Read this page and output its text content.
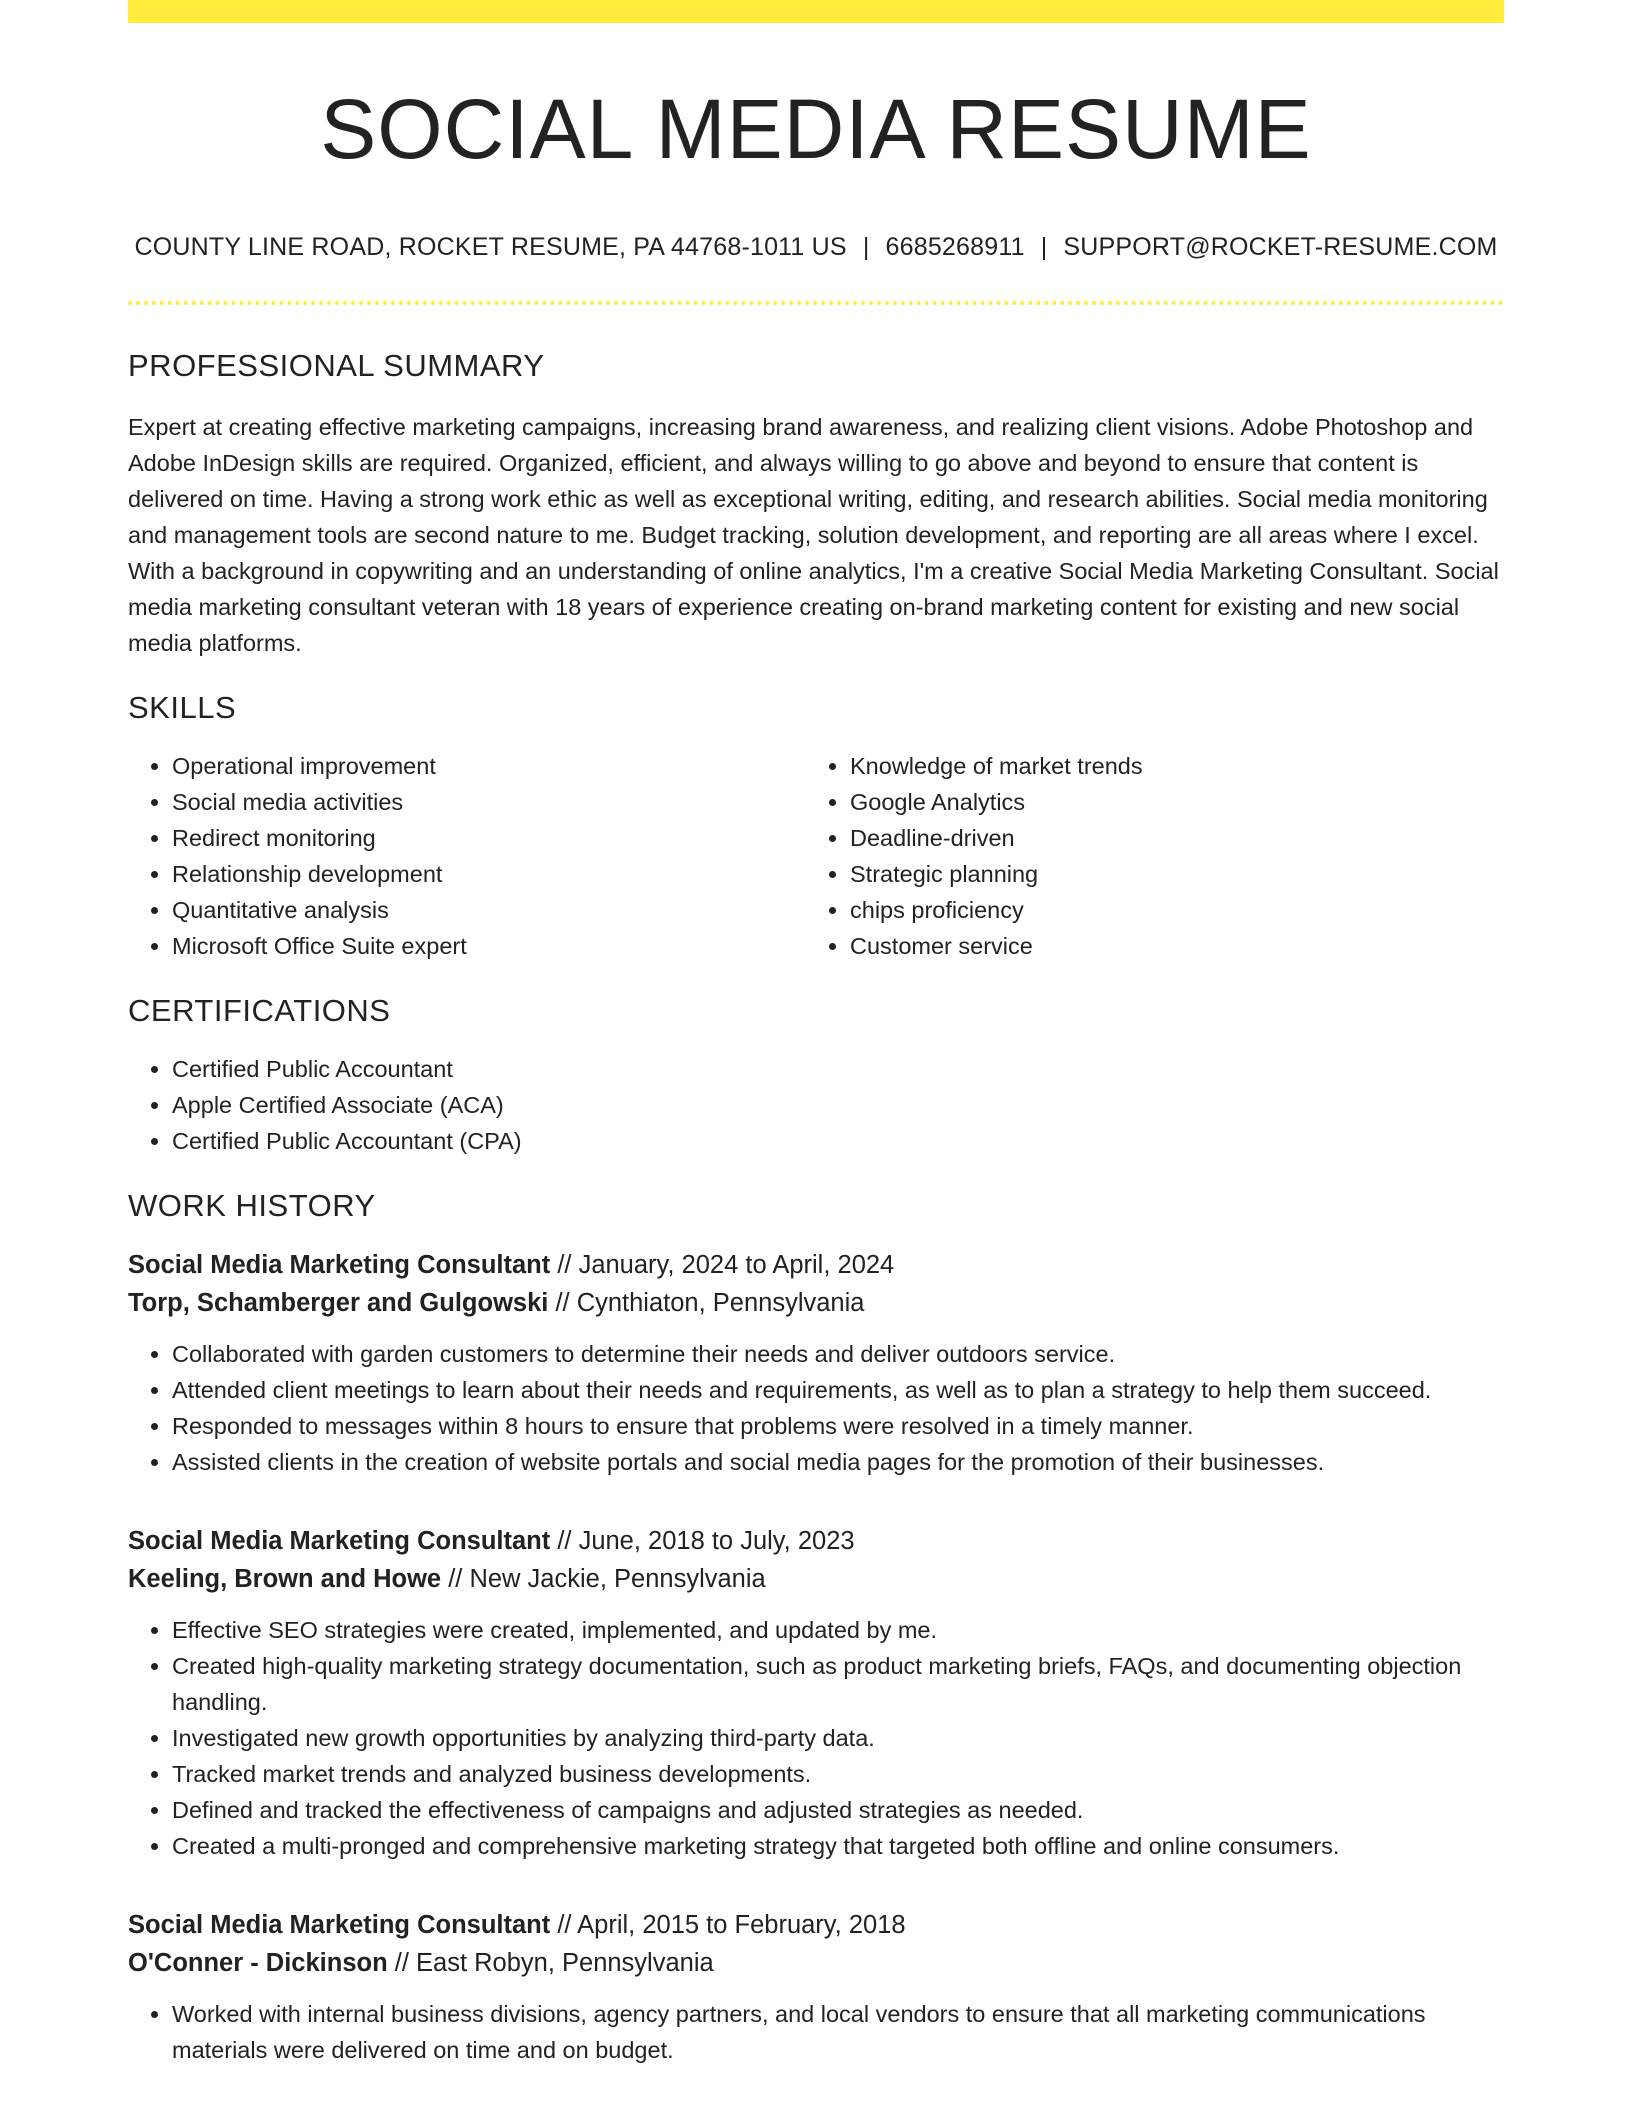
SOCIAL MEDIA RESUME
COUNTY LINE ROAD, ROCKET RESUME, PA 44768-1011 US | 6685268911 | SUPPORT@ROCKET-RESUME.COM
PROFESSIONAL SUMMARY
Expert at creating effective marketing campaigns, increasing brand awareness, and realizing client visions. Adobe Photoshop and Adobe InDesign skills are required. Organized, efficient, and always willing to go above and beyond to ensure that content is delivered on time. Having a strong work ethic as well as exceptional writing, editing, and research abilities. Social media monitoring and management tools are second nature to me. Budget tracking, solution development, and reporting are all areas where I excel. With a background in copywriting and an understanding of online analytics, I'm a creative Social Media Marketing Consultant. Social media marketing consultant veteran with 18 years of experience creating on-brand marketing content for existing and new social media platforms.
SKILLS
• Operational improvement
• Social media activities
• Redirect monitoring
• Relationship development
• Quantitative analysis
• Microsoft Office Suite expert
• Knowledge of market trends
• Google Analytics
• Deadline-driven
• Strategic planning
• chips proficiency
• Customer service
CERTIFICATIONS
• Certified Public Accountant
• Apple Certified Associate (ACA)
• Certified Public Accountant (CPA)
WORK HISTORY
Social Media Marketing Consultant // January, 2024 to April, 2024
Torp, Schamberger and Gulgowski // Cynthiaton, Pennsylvania
• Collaborated with garden customers to determine their needs and deliver outdoors service.
• Attended client meetings to learn about their needs and requirements, as well as to plan a strategy to help them succeed.
• Responded to messages within 8 hours to ensure that problems were resolved in a timely manner.
• Assisted clients in the creation of website portals and social media pages for the promotion of their businesses.
Social Media Marketing Consultant // June, 2018 to July, 2023
Keeling, Brown and Howe // New Jackie, Pennsylvania
• Effective SEO strategies were created, implemented, and updated by me.
• Created high-quality marketing strategy documentation, such as product marketing briefs, FAQs, and documenting objection handling.
• Investigated new growth opportunities by analyzing third-party data.
• Tracked market trends and analyzed business developments.
• Defined and tracked the effectiveness of campaigns and adjusted strategies as needed.
• Created a multi-pronged and comprehensive marketing strategy that targeted both offline and online consumers.
Social Media Marketing Consultant // April, 2015 to February, 2018
O'Conner - Dickinson // East Robyn, Pennsylvania
• Worked with internal business divisions, agency partners, and local vendors to ensure that all marketing communications materials were delivered on time and on budget.
